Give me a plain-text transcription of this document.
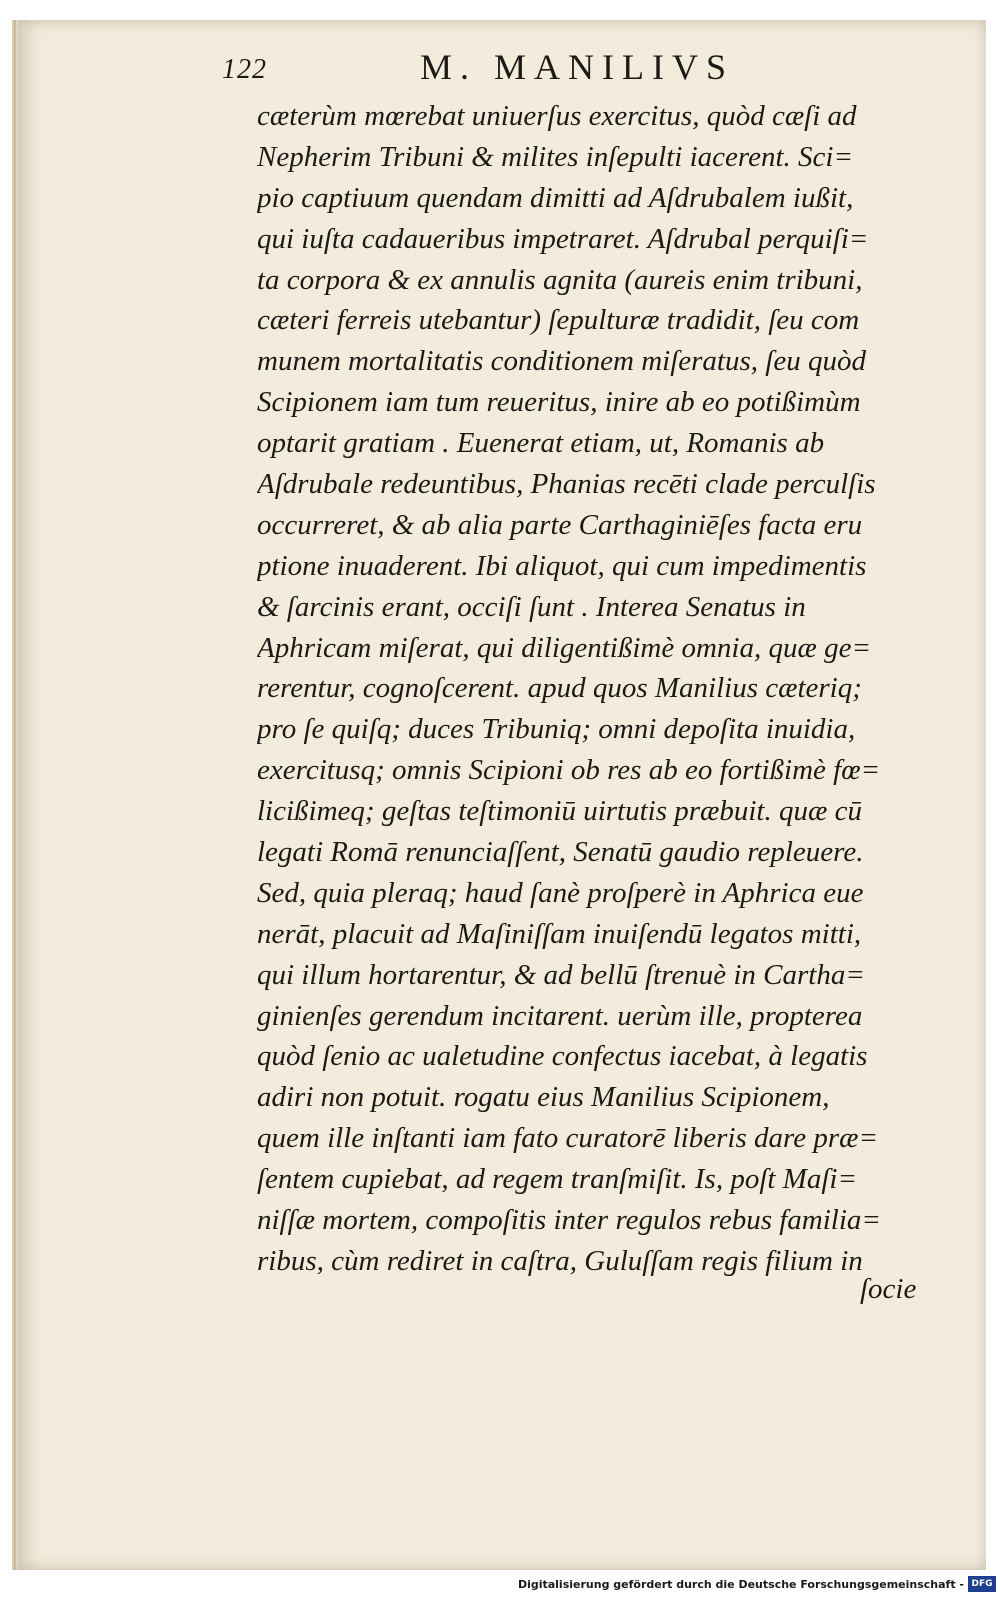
122	M. MANILIVS
cæterùm mœrebat uniuerſus exercitus, quòd cæſi ad
Nepherim Tribuni & milites inſepulti iacerent. Sci=
pio captiuum quendam dimitti ad Aſdrubalem iußit,
qui iuſta cadaueribus impetraret. Aſdrubal perquiſi=
ta corpora & ex annulis agnita (aureis enim tribuni,
cæteri ferreis utebantur) ſepulturæ tradidit, ſeu com
munem mortalitatis conditionem miſeratus, ſeu quòd
Scipionem iam tum reueritus, inire ab eo potißimùm
optarit gratiam . Euenerat etiam, ut, Romanis ab
Aſdrubale redeuntibus, Phanias recēti clade perculſis
occurreret, & ab alia parte Carthaginiēſes facta eru
ptione inuaderent. Ibi aliquot, qui cum impedimentis
& ſarcinis erant, occiſi ſunt . Interea Senatus in
Aphricam miſerat, qui diligentißimè omnia, quæ ge=
rerentur, cognoſcerent. apud quos Manilius cæteriq;
pro ſe quiſq; duces Tribuniq; omni depoſita inuidia,
exercitusq; omnis Scipioni ob res ab eo fortißimè fœ=
licißimeq; geſtas teſtimoniū uirtutis præbuit. quæ cū
legati Romā renunciaſſent, Senatū gaudio repleuere.
Sed, quia pleraq; haud ſanè proſperè in Aphrica eue
nerāt, placuit ad Maſiniſſam inuiſendū legatos mitti,
qui illum hortarentur, & ad bellū ſtrenuè in Cartha=
ginienſes gerendum incitarent. uerùm ille, propterea
quòd ſenio ac ualetudine confectus iacebat, à legatis
adiri non potuit. rogatu eius Manilius Scipionem,
quem ille inſtanti iam fato curatorē liberis dare præ=
ſentem cupiebat, ad regem tranſmiſit. Is, poſt Maſi=
niſſæ mortem, compoſitis inter regulos rebus familia=
ribus, cùm rediret in caſtra, Guluſſam regis filium in
ſocie
Digitalisierung gefördert durch die Deutsche Forschungsgemeinschaft - DFG
